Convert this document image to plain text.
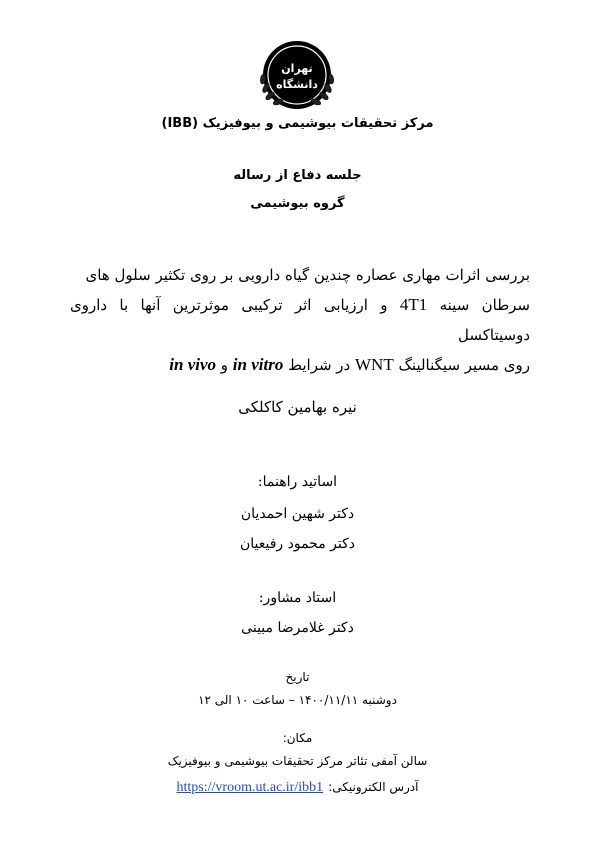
تهران
دانشگاه
مرکز تحقیقات بیوشیمی و بیوفیزیک (IBB)
جلسه دفاع از رساله
گروه بیوشیمی
بررسی اثرات مهاری عصاره چندین گیاه دارویی بر روی تکثیر سلول های
سرطان سینه 4T1 و ارزیابی اثر ترکیبی موثرترین آنها با داروی دوسیتاکسل
روی مسیر سیگنالینگ WNT در شرایط in vitro و in vivo
نیره بهامین کاکلکی
اساتید راهنما:
دکتر شهین احمدیان
دکتر محمود رفیعیان
استاد مشاور:
دکتر غلامرضا مبینی
تاریخ
دوشنبه ۱۴۰۰/۱۱/۱۱ – ساعت ۱۰ الی ۱۲
مکان:
سالن آمفی تئاتر مرکز تحقیقات بیوشیمی و بیوفیزیک
آدرس الکترونیکی: https://vroom.ut.ac.ir/ibb1
